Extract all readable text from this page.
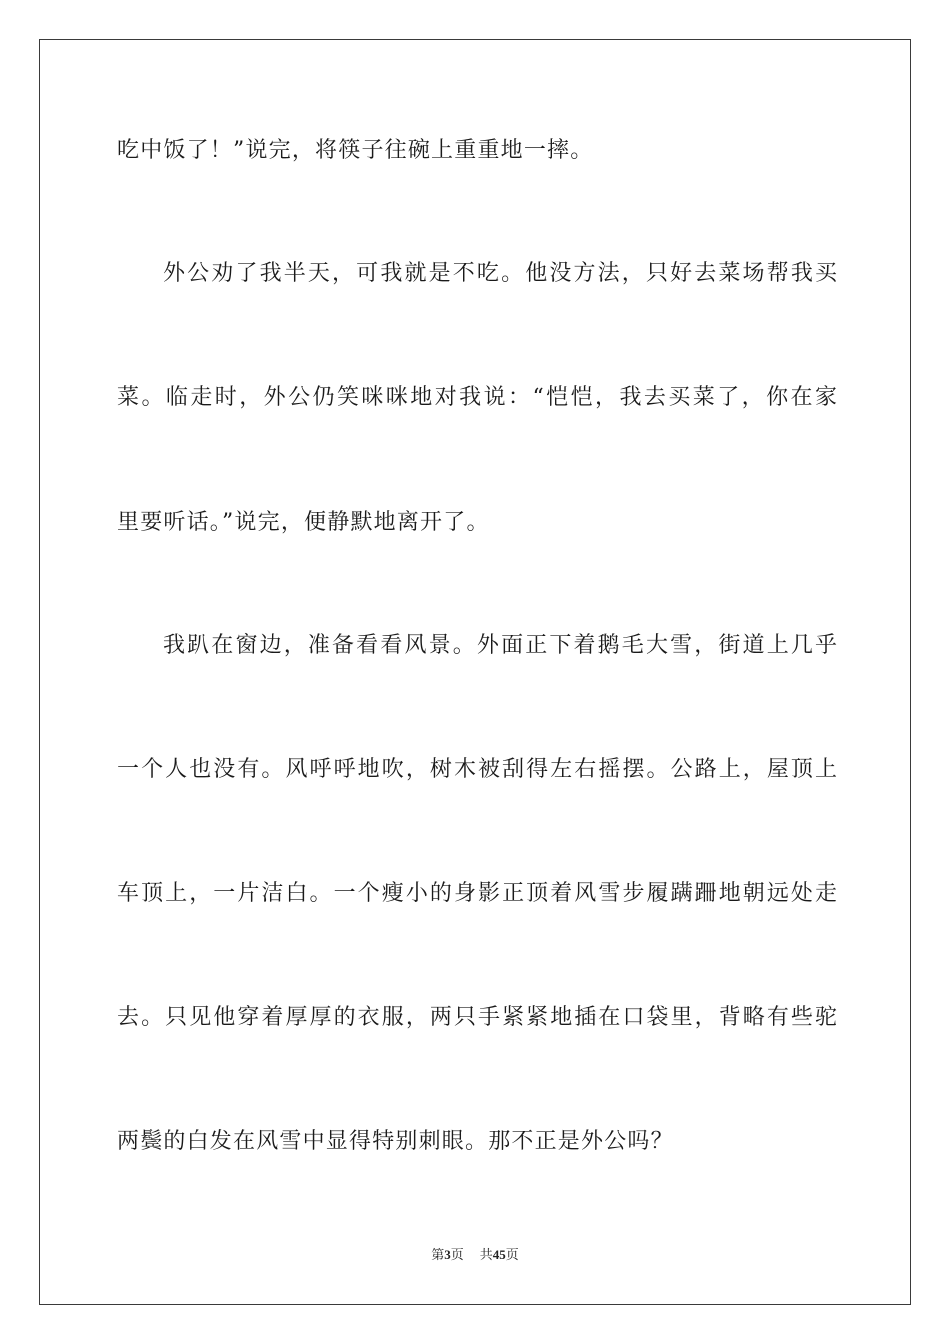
吃中饭了！”说完，将筷子往碗上重重地一摔。
外公劝了我半天，可我就是不吃。他没方法，只好去菜场帮我买
菜。临走时，外公仍笑咪咪地对我说：“恺恺，我去买菜了，你在家
里要听话。”说完，便静默地离开了。
我趴在窗边，准备看看风景。外面正下着鹅毛大雪，街道上几乎
一个人也没有。风呼呼地吹，树木被刮得左右摇摆。公路上，屋顶上
车顶上，一片洁白。一个瘦小的身影正顶着风雪步履蹒跚地朝远处走
去。只见他穿着厚厚的衣服，两只手紧紧地插在口袋里，背略有些驼
两鬓的白发在风雪中显得特别刺眼。那不正是外公吗？
第3页 共45页
